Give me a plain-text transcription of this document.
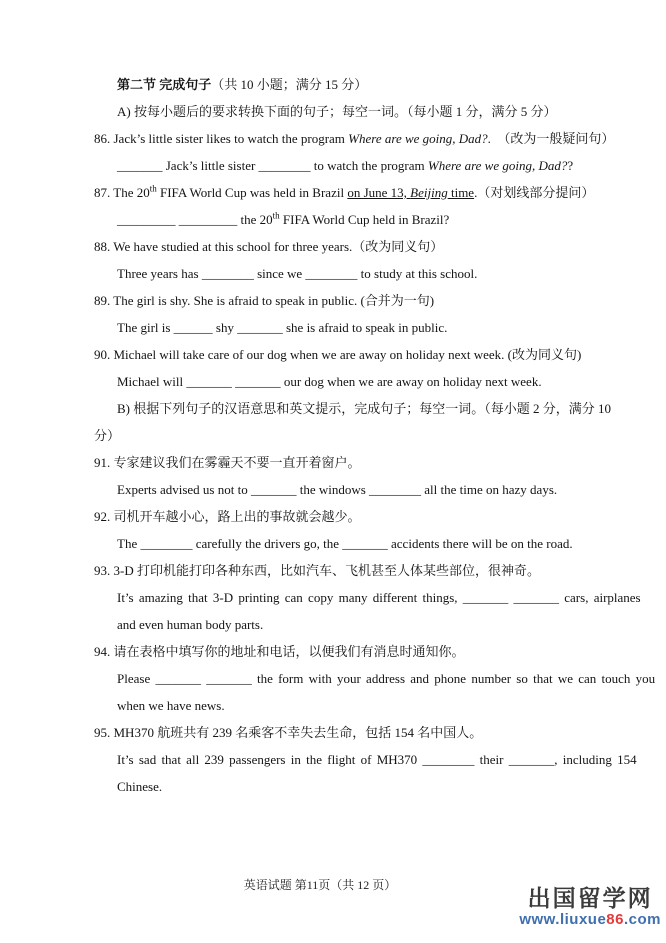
第二节 完成句子（共 10 小题；满分 15 分）
A) 按每小题后的要求转换下面的句子；每空一词。（每小题 1 分，满分 5 分）
86. Jack’s little sister likes to watch the program Where are we going, Dad?.　（改为一般疑问句）
_______ Jack’s little sister ________ to watch the program Where are we going, Dad??
87. The 20th FIFA World Cup was held in Brazil on June 13, Beijing time.（对划线部分提问）
_________ _________ the 20th FIFA World Cup held in Brazil?
88. We have studied at this school for three years.（改为同义句）
Three years has ________ since we ________ to study at this school.
89. The girl is shy. She is afraid to speak in public. (合并为一句)
The girl is ______ shy _______ she is afraid to speak in public.
90. Michael will take care of our dog when we are away on holiday next week. (改为同义句)
Michael will _______ _______ our dog when we are away on holiday next week.
B) 根据下列句子的汉语意思和英文提示，完成句子；每空一词。（每小题 2 分，满分 10
分）
91. 专家建议我们在雾霾天不要一直开着窗户。
Experts advised us not to _______ the windows ________ all the time on hazy days.
92. 司机开车越小心，路上出的事故就会越少。
The ________ carefully the drivers go, the _______ accidents there will be on the road.
93. 3-D 打印机能打印各种东西，比如汽车、飞机甚至人体某些部位，很神奇。
It’s amazing that 3-D printing can copy many different things, _______ _______ cars, airplanes
and even human body parts.
94. 请在表格中填写你的地址和电话，以便我们有消息时通知你。
Please _______ _______ the form with your address and phone number so that we can touch you
when we have news.
95. MH370 航班共有 239 名乘客不幸失去生命，包括 154 名中国人。
It’s sad that all 239 passengers in the flight of MH370 ________ their _______, including 154
Chinese.
英语试题 第11页（共 12 页）	出国留学网
www.liuxue86.com
